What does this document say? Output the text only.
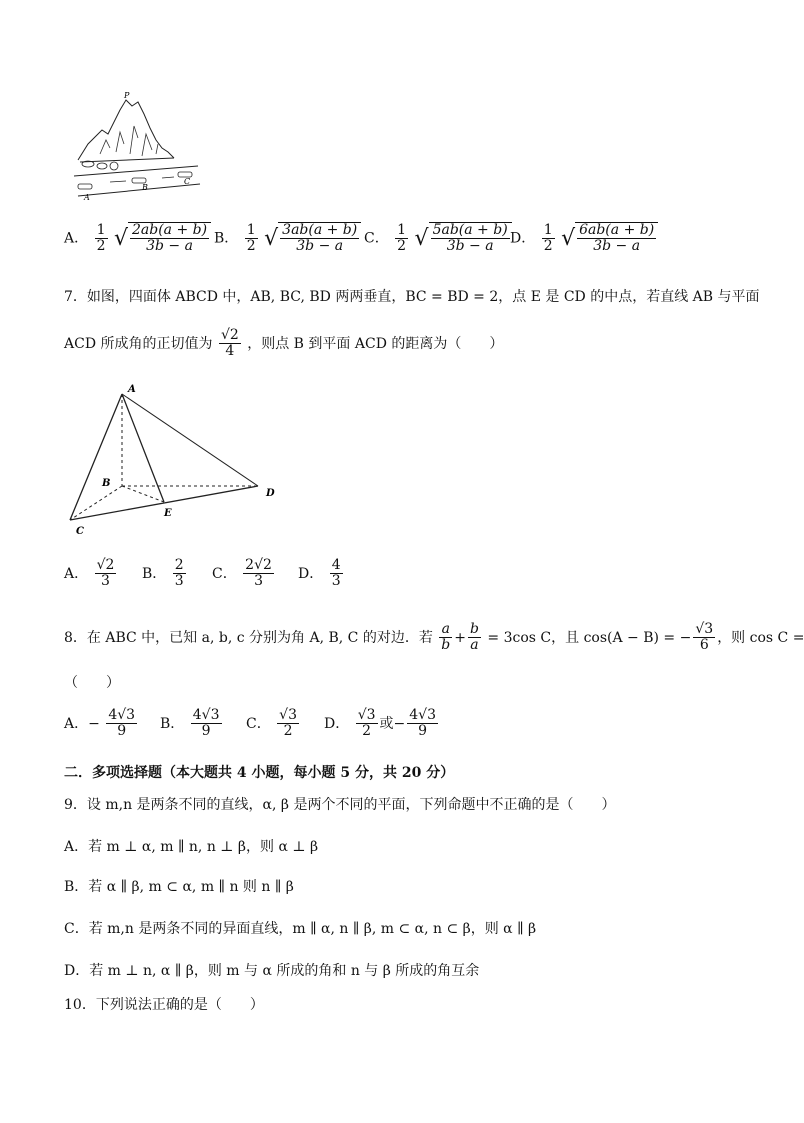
P
A
B
C
A． $\frac{1}{2}$ √ $\frac{2ab(a + b)}{3b - a}$ B． $\frac{1}{2}$ √ $\frac{3ab(a + b)}{3b - a}$ C． $\frac{1}{2}$ √ $\frac{5ab(a + b)}{3b - a}$ D． $\frac{1}{2}$ √ $\frac{6ab(a + b)}{3b - a}$
7．如图，四面体 ABCD 中，AB, BC, BD 两两垂直，BC = BD = 2，点 E 是 CD 的中点，若直线 AB 与平面
ACD 所成角的正切值为 $\frac{√2}{4}$ ，则点 B 到平面 ACD 的距离为（　　）
A
B
C
D
E
A． $\frac{√2}{3}$ B． $\frac{2}{3}$ C． $\frac{2√2}{3}$ D． $\frac{4}{3}$
8．在 ABC 中，已知 a, b, c 分别为角 A, B, C 的对边．若 $\frac{a}{b} + \frac{b}{a} = 3\cos$ C，且 cos(A − B) = − $\frac{√3}{6}$ ，则 cos C =
（　　）
A．− $\frac{4√3}{9}$ B． $\frac{4√3}{9}$ C． $\frac{√3}{2}$ D． $\frac{√3}{2}$ 或− $\frac{4√3}{9}$
二．多项选择题（本大题共 4 小题，每小题 5 分，共 20 分）
9．设 m,n 是两条不同的直线，α, β 是两个不同的平面，下列命题中不正确的是（　　）
A．若 m ⊥ α, m ∥ n, n ⊥ β，则 α ⊥ β
B．若 α ∥ β, m ⊂ α, m ∥ n 则 n ∥ β
C．若 m,n 是两条不同的异面直线，m ∥ α, n ∥ β, m ⊂ α, n ⊂ β，则 α ∥ β
D．若 m ⊥ n, α ∥ β，则 m 与 α 所成的角和 n 与 β 所成的角互余
10．下列说法正确的是（　　）
